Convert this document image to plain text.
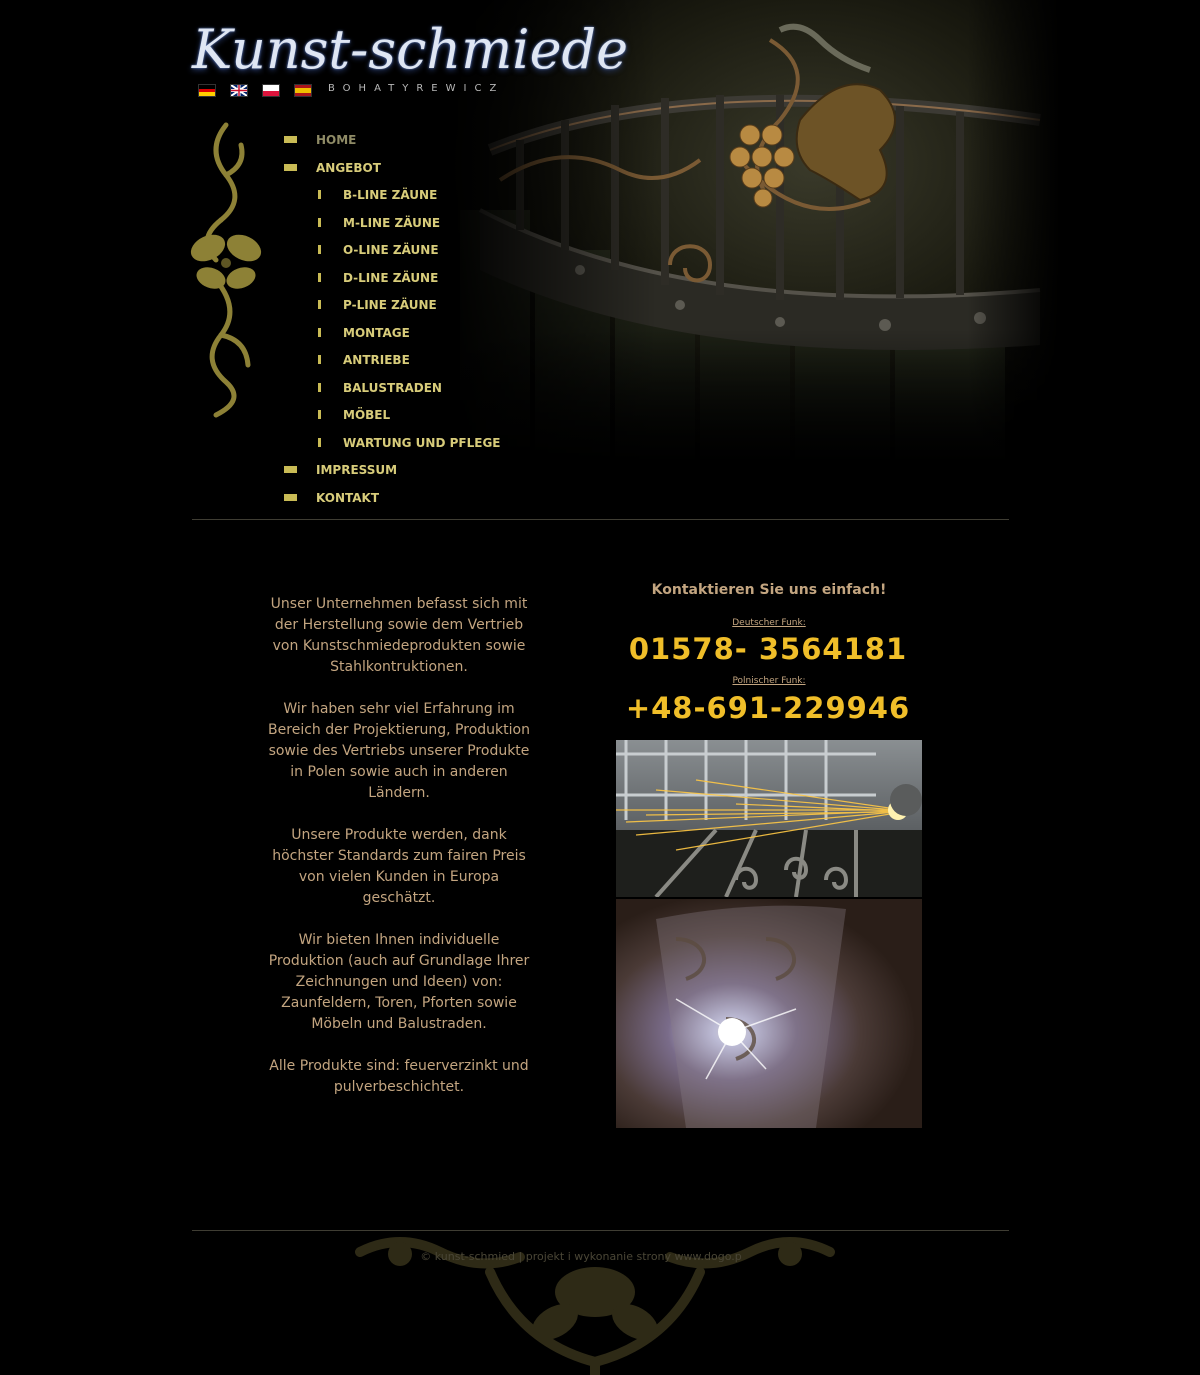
Kunst-schmiede
BOHATYREWICZ
HOME
ANGEBOT
B-LINE ZÄUNE
M-LINE ZÄUNE
O-LINE ZÄUNE
D-LINE ZÄUNE
P-LINE ZÄUNE
MONTAGE
ANTRIEBE
BALUSTRADEN
MÖBEL
WARTUNG UND PFLEGE
IMPRESSUM
KONTAKT

Unser Unternehmen befasst sich mit der Herstellung sowie dem Vertrieb von Kunstschmiedeprodukten sowie Stahlkontruktionen.

Wir haben sehr viel Erfahrung im Bereich der Projektierung, Produktion sowie des Vertriebs unserer Produkte in Polen sowie auch in anderen Ländern.

Unsere Produkte werden, dank höchster Standards zum fairen Preis von vielen Kunden in Europa geschätzt.

Wir bieten Ihnen individuelle Produktion (auch auf Grundlage Ihrer Zeichnungen und Ideen) von: Zaunfeldern, Toren, Pforten sowie Möbeln und Balustraden.

Alle Produkte sind: feuerverzinkt und pulverbeschichtet.

Kontaktieren Sie uns einfach!
Deutscher Funk:
01578- 3564181
Polnischer Funk:
+48-691-229946
© kunst-schmied | projekt i wykonanie strony www.dogo.p
